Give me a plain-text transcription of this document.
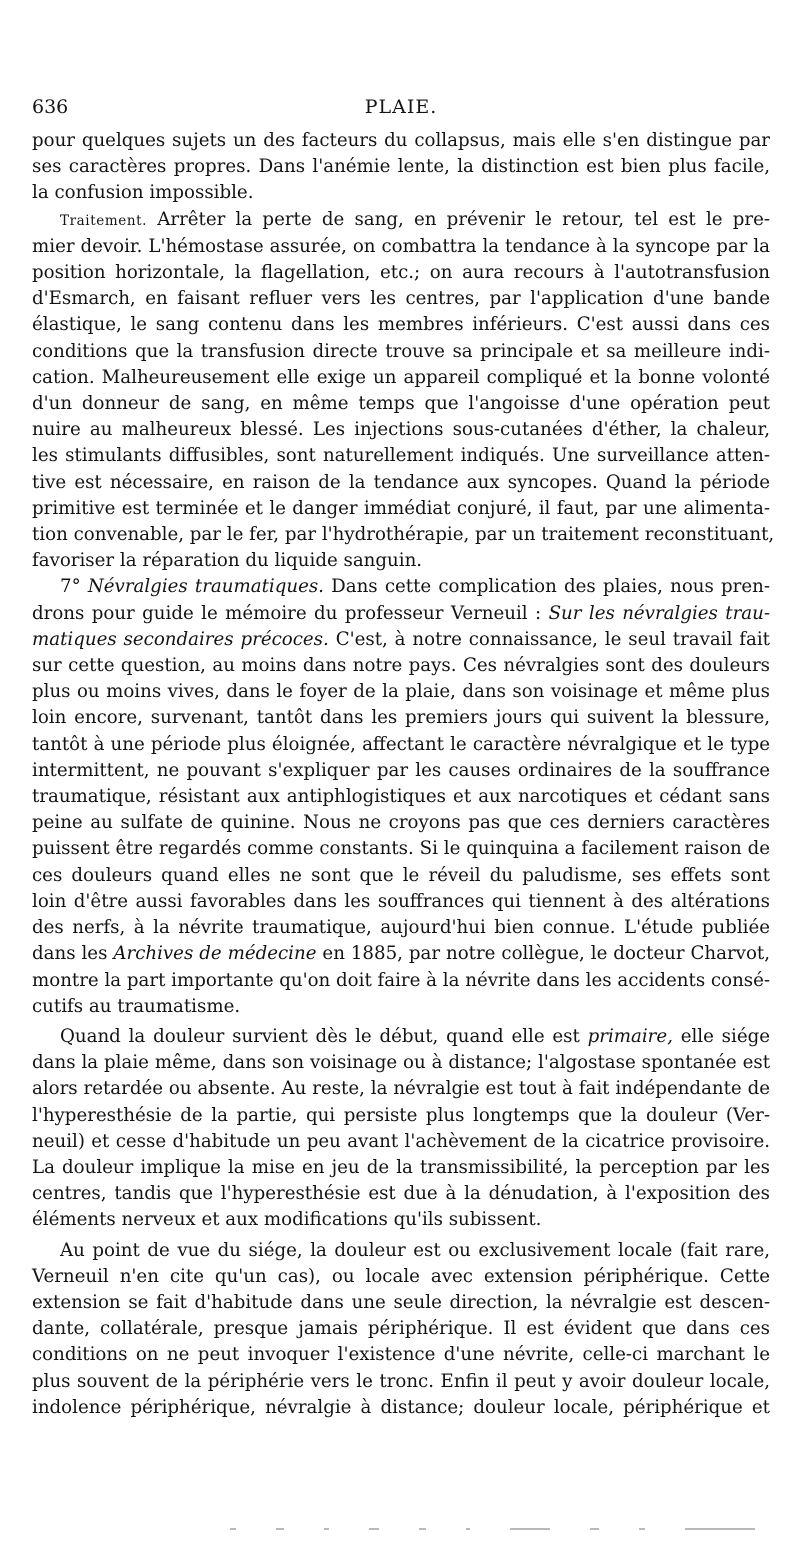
636	PLAIE.
pour quelques sujets un des facteurs du collapsus, mais elle s'en distingue par
ses caractères propres. Dans l'anémie lente, la distinction est bien plus facile,
la confusion impossible.
Traitement. Arrêter la perte de sang, en prévenir le retour, tel est le pre-
mier devoir. L'hémostase assurée, on combattra la tendance à la syncope par la
position horizontale, la flagellation, etc.; on aura recours à l'autotransfusion
d'Esmarch, en faisant refluer vers les centres, par l'application d'une bande
élastique, le sang contenu dans les membres inférieurs. C'est aussi dans ces
conditions que la transfusion directe trouve sa principale et sa meilleure indi-
cation. Malheureusement elle exige un appareil compliqué et la bonne volonté
d'un donneur de sang, en même temps que l'angoisse d'une opération peut
nuire au malheureux blessé. Les injections sous-cutanées d'éther, la chaleur,
les stimulants diffusibles, sont naturellement indiqués. Une surveillance atten-
tive est nécessaire, en raison de la tendance aux syncopes. Quand la période
primitive est terminée et le danger immédiat conjuré, il faut, par une alimenta-
tion convenable, par le fer, par l'hydrothérapie, par un traitement reconstituant,
favoriser la réparation du liquide sanguin.
7° Névralgies traumatiques. Dans cette complication des plaies, nous pren-
drons pour guide le mémoire du professeur Verneuil : Sur les névralgies trau-
matiques secondaires précoces. C'est, à notre connaissance, le seul travail fait
sur cette question, au moins dans notre pays. Ces névralgies sont des douleurs
plus ou moins vives, dans le foyer de la plaie, dans son voisinage et même plus
loin encore, survenant, tantôt dans les premiers jours qui suivent la blessure,
tantôt à une période plus éloignée, affectant le caractère névralgique et le type
intermittent, ne pouvant s'expliquer par les causes ordinaires de la souffrance
traumatique, résistant aux antiphlogistiques et aux narcotiques et cédant sans
peine au sulfate de quinine. Nous ne croyons pas que ces derniers caractères
puissent être regardés comme constants. Si le quinquina a facilement raison de
ces douleurs quand elles ne sont que le réveil du paludisme, ses effets sont
loin d'être aussi favorables dans les souffrances qui tiennent à des altérations
des nerfs, à la névrite traumatique, aujourd'hui bien connue. L'étude publiée
dans les Archives de médecine en 1885, par notre collègue, le docteur Charvot,
montre la part importante qu'on doit faire à la névrite dans les accidents consé-
cutifs au traumatisme.
Quand la douleur survient dès le début, quand elle est primaire, elle siége
dans la plaie même, dans son voisinage ou à distance; l'algostase spontanée est
alors retardée ou absente. Au reste, la névralgie est tout à fait indépendante de
l'hyperesthésie de la partie, qui persiste plus longtemps que la douleur (Ver-
neuil) et cesse d'habitude un peu avant l'achèvement de la cicatrice provisoire.
La douleur implique la mise en jeu de la transmissibilité, la perception par les
centres, tandis que l'hyperesthésie est due à la dénudation, à l'exposition des
éléments nerveux et aux modifications qu'ils subissent.
Au point de vue du siége, la douleur est ou exclusivement locale (fait rare,
Verneuil n'en cite qu'un cas), ou locale avec extension périphérique. Cette
extension se fait d'habitude dans une seule direction, la névralgie est descen-
dante, collatérale, presque jamais périphérique. Il est évident que dans ces
conditions on ne peut invoquer l'existence d'une névrite, celle-ci marchant le
plus souvent de la périphérie vers le tronc. Enfin il peut y avoir douleur locale,
indolence périphérique, névralgie à distance; douleur locale, périphérique et
